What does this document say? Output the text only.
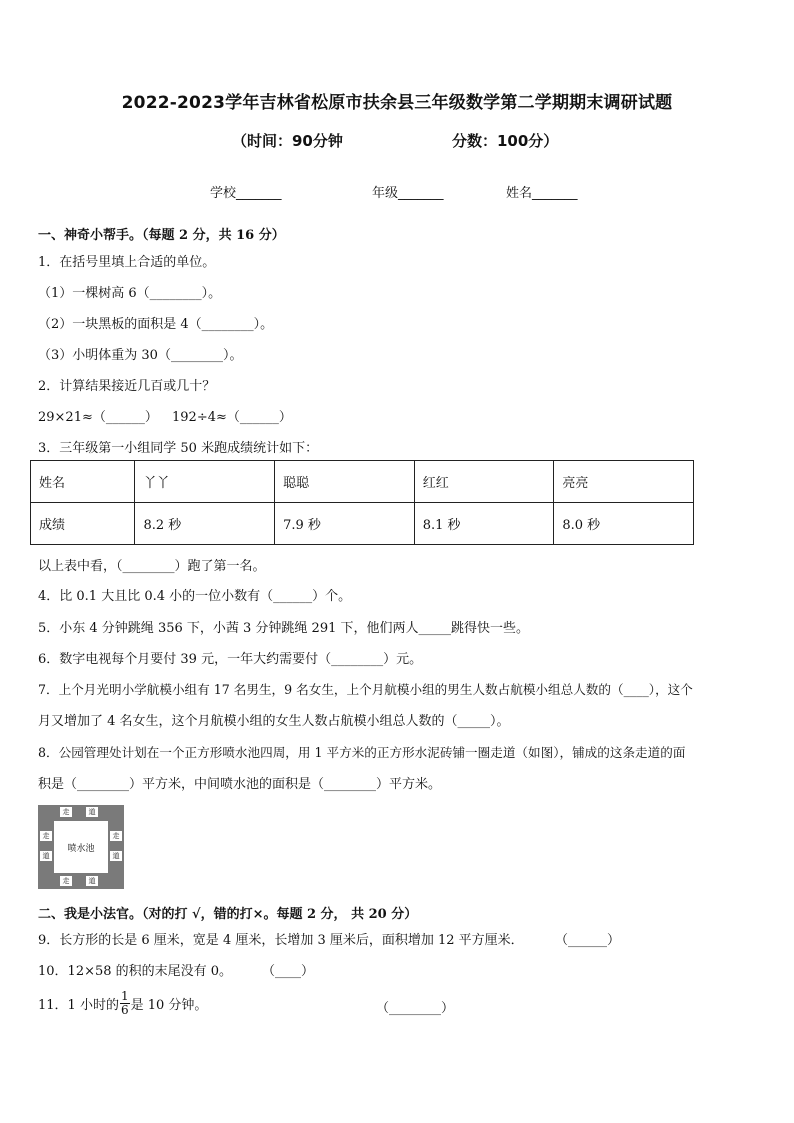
2022-2023学年吉林省松原市扶余县三年级数学第二学期期末调研试题
（时间：90分钟	分数：100分）
学校_______	年级_______	姓名_______
一、神奇小帮手。（每题 2 分，共 16 分）
1．在括号里填上合适的单位。
（1）一棵树高 6（________）。
（2）一块黑板的面积是 4（________）。
（3）小明体重为 30（________）。
2．计算结果接近几百或几十？
29×21≈（______） 192÷4≈（______）
3．三年级第一小组同学 50 米跑成绩统计如下：
姓名	丫丫	聪聪	红红	亮亮
成绩	8.2 秒	7.9 秒	8.1 秒	8.0 秒
以上表中看，（________）跑了第一名。
4．比 0.1 大且比 0.4 小的一位小数有（______）个。
5．小东 4 分钟跳绳 356 下，小茜 3 分钟跳绳 291 下，他们两人_____跳得快一些。
6．数字电视每个月要付 39 元，一年大约需要付（________）元。
7．上个月光明小学航模小组有 17 名男生，9 名女生，上个月航模小组的男生人数占航模小组总人数的（____），这个
月又增加了 4 名女生，这个月航模小组的女生人数占航模小组总人数的（_____）。
8．公园管理处计划在一个正方形喷水池四周，用 1 平方米的正方形水泥砖铺一圈走道（如图），铺成的这条走道的面
积是（________）平方米，中间喷水池的面积是（________）平方米。
走	道
走	道
走
道
走
道
喷水池
二、我是小法官。（对的打 √，错的打×。每题 2 分， 共 20 分）
9．长方形的长是 6 厘米，宽是 4 厘米，长增加 3 厘米后，面积增加 12 平方厘米． （______）
10．12×58 的积的末尾没有 0。 （____）
11．1 小时的 $\frac{1}{6}$ 是 10 分钟。	（________）
